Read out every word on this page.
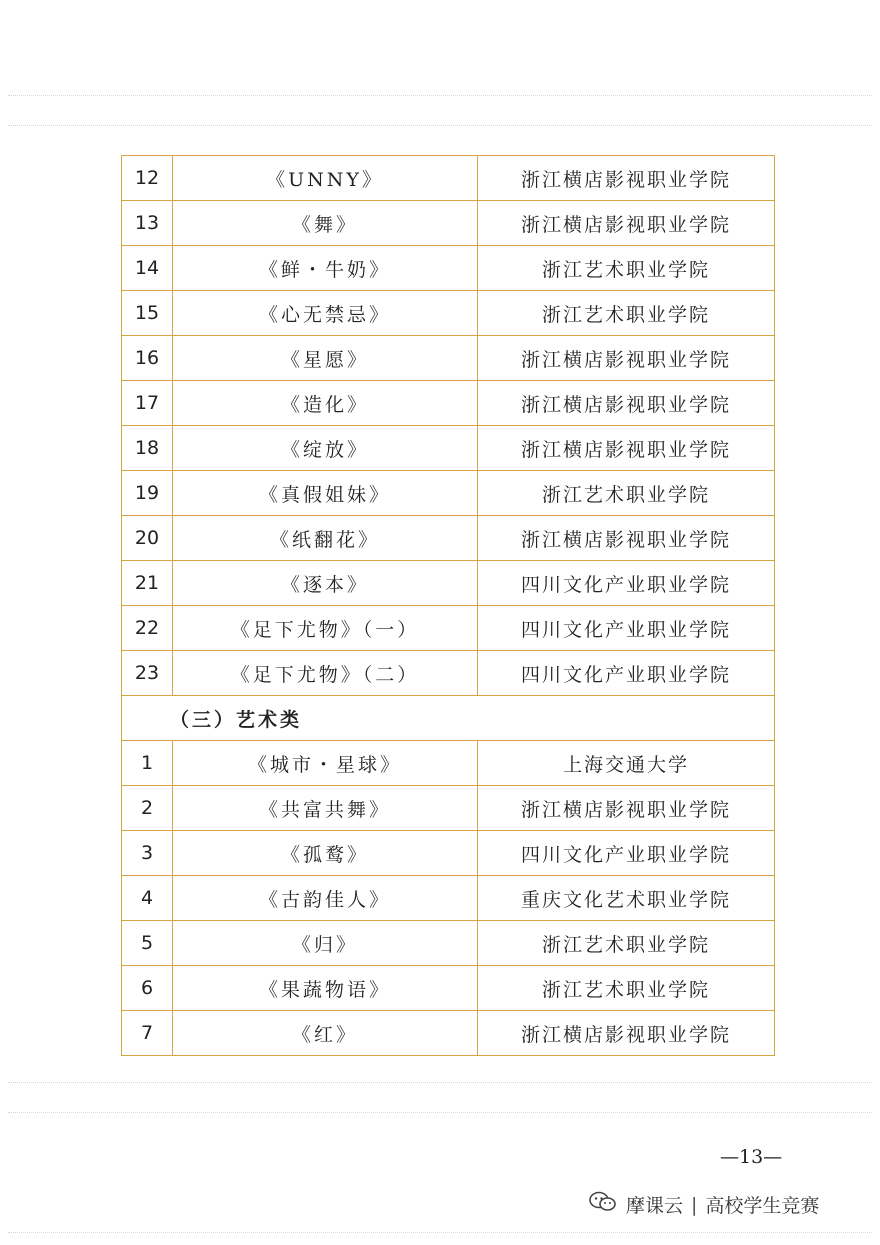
12	《UNNY》	浙江横店影视职业学院
13	《舞》	浙江横店影视职业学院
14	《鲜・牛奶》	浙江艺术职业学院
15	《心无禁忌》	浙江艺术职业学院
16	《星愿》	浙江横店影视职业学院
17	《造化》	浙江横店影视职业学院
18	《绽放》	浙江横店影视职业学院
19	《真假姐妹》	浙江艺术职业学院
20	《纸翻花》	浙江横店影视职业学院
21	《逐本》	四川文化产业职业学院
22	《足下尤物》（一）	四川文化产业职业学院
23	《足下尤物》（二）	四川文化产业职业学院
（三）艺术类		
1	《城市・星球》	上海交通大学
2	《共富共舞》	浙江横店影视职业学院
3	《孤鹜》	四川文化产业职业学院
4	《古韵佳人》	重庆文化艺术职业学院
5	《归》	浙江艺术职业学院
6	《果蔬物语》	浙江艺术职业学院
7	《红》	浙江横店影视职业学院
—13—
摩课云 | 高校学生竞赛
